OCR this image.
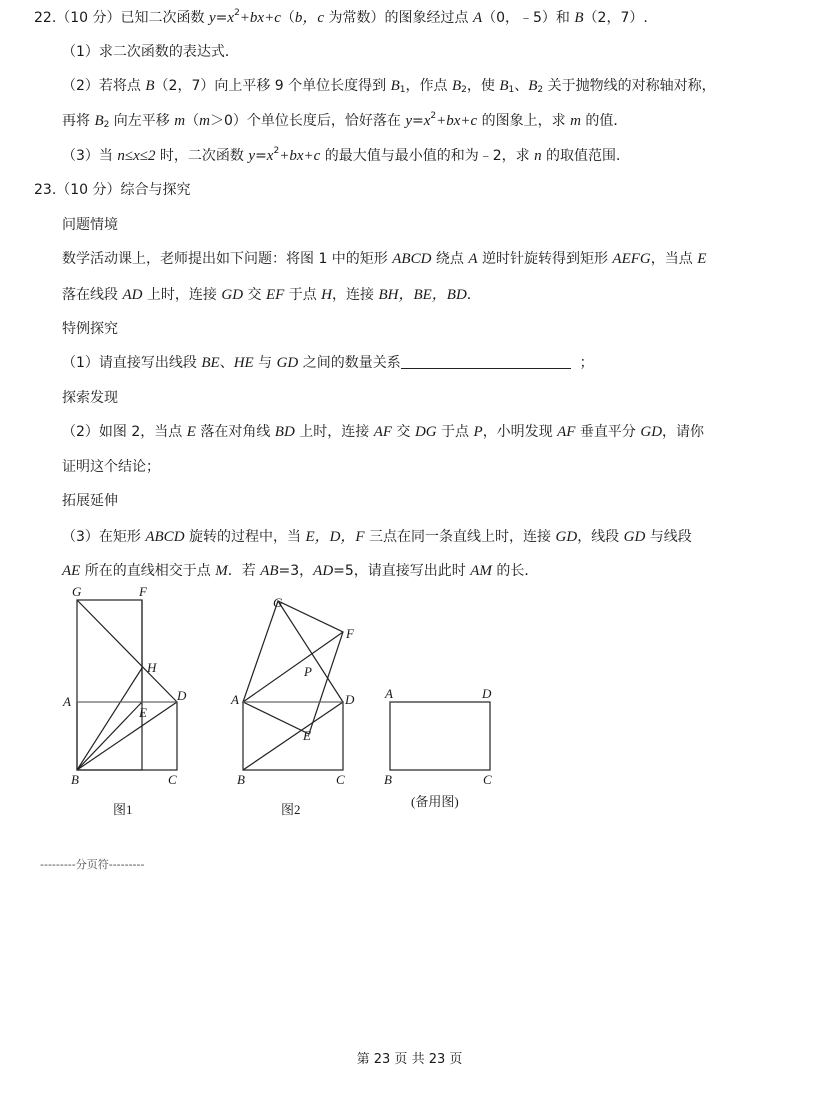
22.（10 分）已知二次函数 $y=x^2+bx+c(b$，c 为常数）的图象经过点 A（0，﹣5）和 B（2，7）.
（1）求二次函数的表达式．
（2）若将点 B（2，7）向上平移 9 个单位长度得到 $B_1$，作点 $B_2$，使 $B_1$、$B_2$ 关于抛物线的对称轴对称，
再将 $B_2$ 向左平移 m（m＞0）个单位长度后，恰好落在 $y=x^2+bx+c$ 的图象上，求 m 的值．
（3）当 n≤x≤2 时，二次函数 $y=x^2+bx+c$ 的最大值与最小值的和为﹣2，求 n 的取值范围．
23.（10 分）综合与探究
问题情境
数学活动课上，老师提出如下问题：将图 1 中的矩形 ABCD 绕点 A 逆时针旋转得到矩形 AEFG，当点 E
落在线段 AD 上时，连接 GD 交 EF 于点 H，连接 BH，BE，BD.
特例探究
（1）请直接写出线段 BE、HE 与 GD 之间的数量关系	；
探索发现
（2）如图 2，当点 E 落在对角线 BD 上时，连接 AF 交 DG 于点 P，小明发现 AF 垂直平分 GD，请你
证明这个结论；
拓展延伸
（3）在矩形 ABCD 旋转的过程中，当 E，D，F 三点在同一条直线上时，连接 GD，线段 GD 与线段
AE 所在的直线相交于点 M．若 AB=3，AD=5，请直接写出此时 AM 的长．
G	F
H
A	D
E
B	C
图1
G
F
P
A	D
E
B	C
图2
A	D
B	C
(备用图)
---------分页符---------
第 23 页 共 23 页
